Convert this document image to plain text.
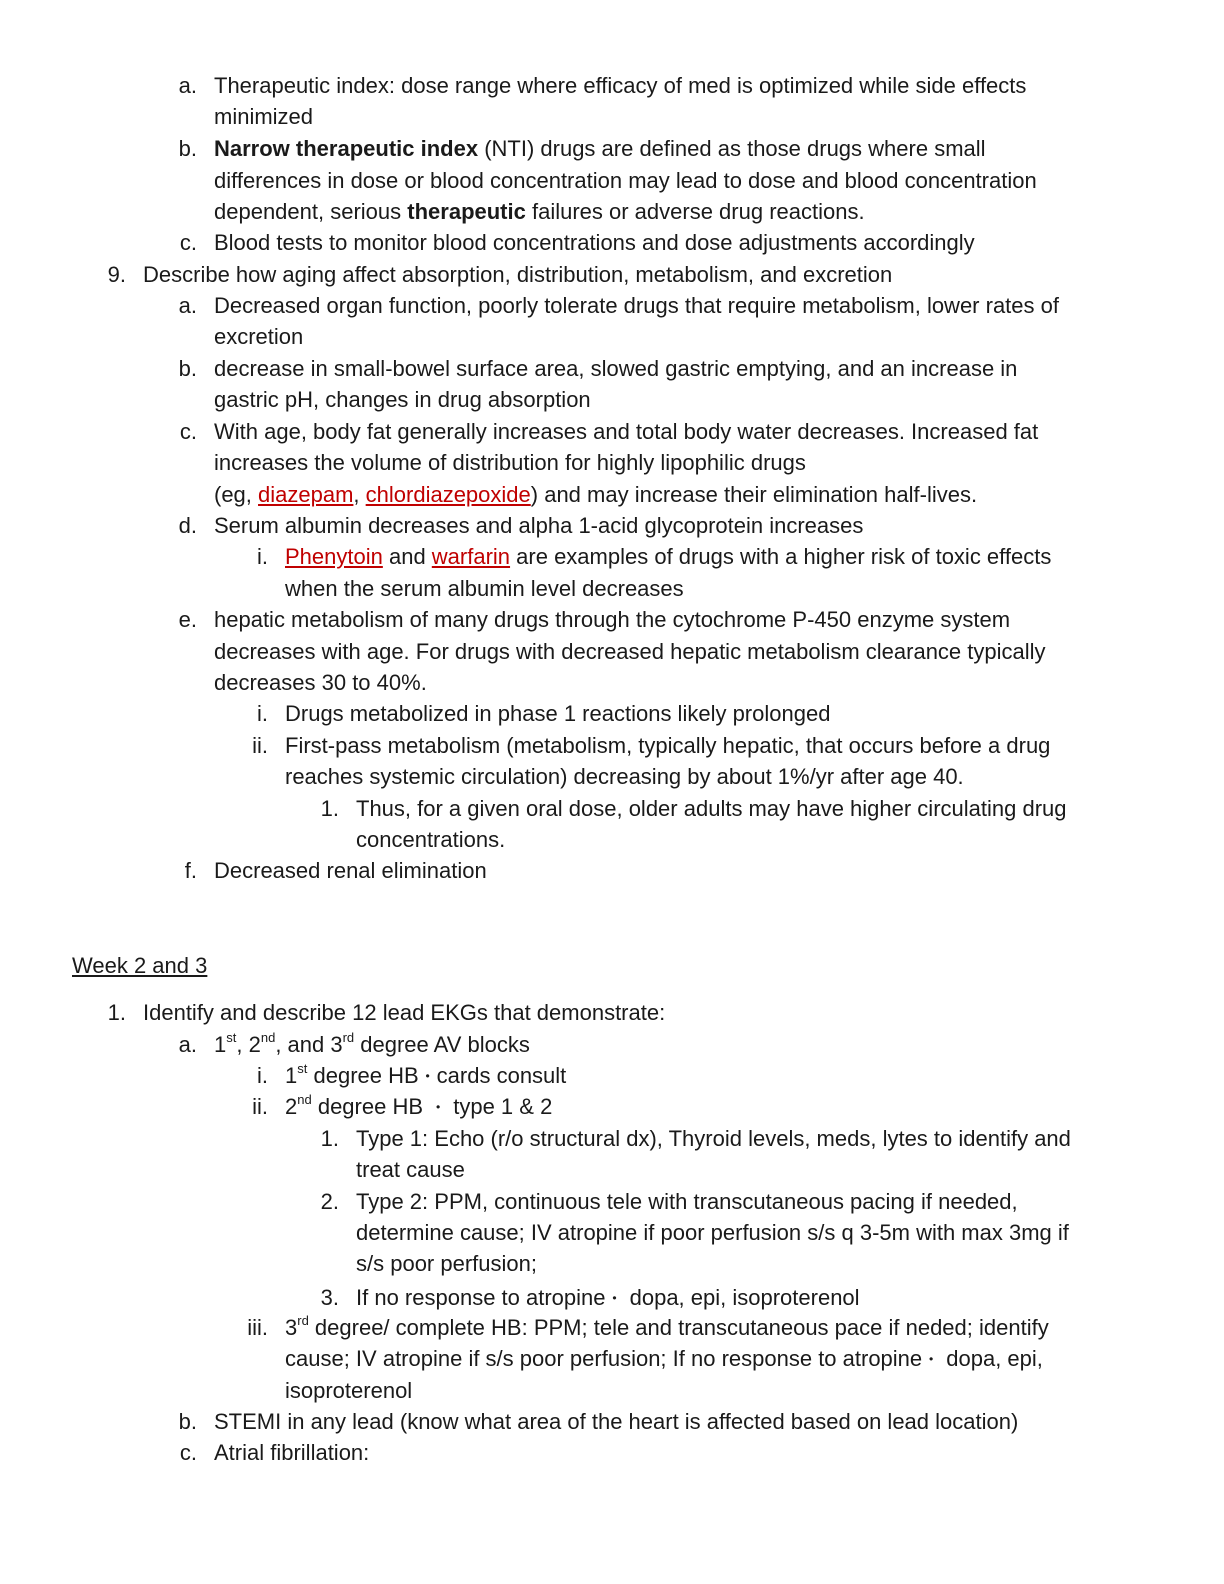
a. Therapeutic index: dose range where efficacy of med is optimized while side effects
minimized
b. Narrow therapeutic index (NTI) drugs are defined as those drugs where small
differences in dose or blood concentration may lead to dose and blood concentration
dependent, serious therapeutic failures or adverse drug reactions.
c. Blood tests to monitor blood concentrations and dose adjustments accordingly
9. Describe how aging affect absorption, distribution, metabolism, and excretion
a. Decreased organ function, poorly tolerate drugs that require metabolism, lower rates of
excretion
b. decrease in small-bowel surface area, slowed gastric emptying, and an increase in
gastric pH, changes in drug absorption
c. With age, body fat generally increases and total body water decreases. Increased fat
increases the volume of distribution for highly lipophilic drugs
(eg, diazepam, chlordiazepoxide) and may increase their elimination half-lives.
d. Serum albumin decreases and alpha 1-acid glycoprotein increases
i. Phenytoin and warfarin are examples of drugs with a higher risk of toxic effects
when the serum albumin level decreases
e. hepatic metabolism of many drugs through the cytochrome P-450 enzyme system
decreases with age. For drugs with decreased hepatic metabolism clearance typically
decreases 30 to 40%.
i. Drugs metabolized in phase 1 reactions likely prolonged
ii. First-pass metabolism (metabolism, typically hepatic, that occurs before a drug
reaches systemic circulation) decreasing by about 1%/yr after age 40.
1. Thus, for a given oral dose, older adults may have higher circulating drug
concentrations.
f. Decreased renal elimination
Week 2 and 3
1. Identify and describe 12 lead EKGs that demonstrate:
a. 1st, 2nd, and 3rd degree AV blocks
i. 1st degree HB・cards consult
ii. 2nd degree HB ・ type 1 & 2
1. Type 1: Echo (r/o structural dx), Thyroid levels, meds, lytes to identify and
treat cause
2. Type 2: PPM, continuous tele with transcutaneous pacing if needed,
determine cause; IV atropine if poor perfusion s/s q 3-5m with max 3mg if
s/s poor perfusion;
3. If no response to atropine・ dopa, epi, isoproterenol
iii. 3rd degree/ complete HB: PPM; tele and transcutaneous pace if neded; identify
cause; IV atropine if s/s poor perfusion; If no response to atropine・ dopa, epi,
isoproterenol
b. STEMI in any lead (know what area of the heart is affected based on lead location)
c. Atrial fibrillation:
